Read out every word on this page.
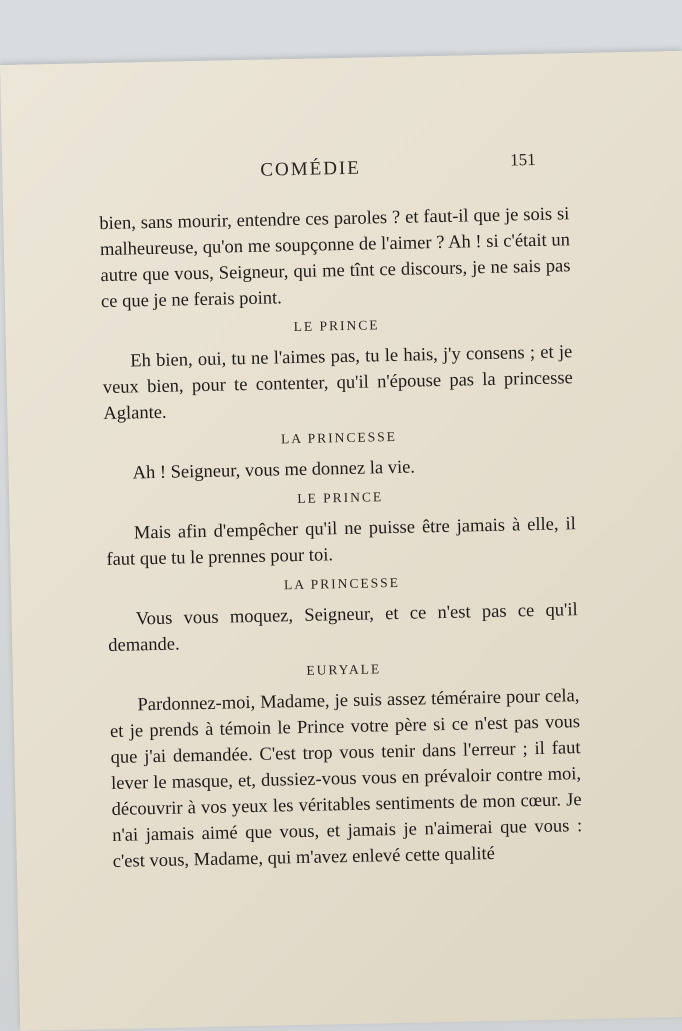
COMÉDIE	151

bien, sans mourir, entendre ces paroles ? et faut-il que je sois si malheureuse, qu'on me soupçonne de l'aimer ? Ah ! si c'était un autre que vous, Seigneur, qui me tînt ce discours, je ne sais pas ce que je ne ferais point.

LE PRINCE

Eh bien, oui, tu ne l'aimes pas, tu le hais, j'y consens ; et je veux bien, pour te contenter, qu'il n'épouse pas la princesse Aglante.

LA PRINCESSE

Ah ! Seigneur, vous me donnez la vie.

LE PRINCE

Mais afin d'empêcher qu'il ne puisse être jamais à elle, il faut que tu le prennes pour toi.

LA PRINCESSE

Vous vous moquez, Seigneur, et ce n'est pas ce qu'il demande.

EURYALE

Pardonnez-moi, Madame, je suis assez téméraire pour cela, et je prends à témoin le Prince votre père si ce n'est pas vous que j'ai demandée. C'est trop vous tenir dans l'erreur ; il faut lever le masque, et, dussiez-vous vous en prévaloir contre moi, découvrir à vos yeux les véritables sentiments de mon cœur. Je n'ai jamais aimé que vous, et jamais je n'aimerai que vous : c'est vous, Madame, qui m'avez enlevé cette qualité
